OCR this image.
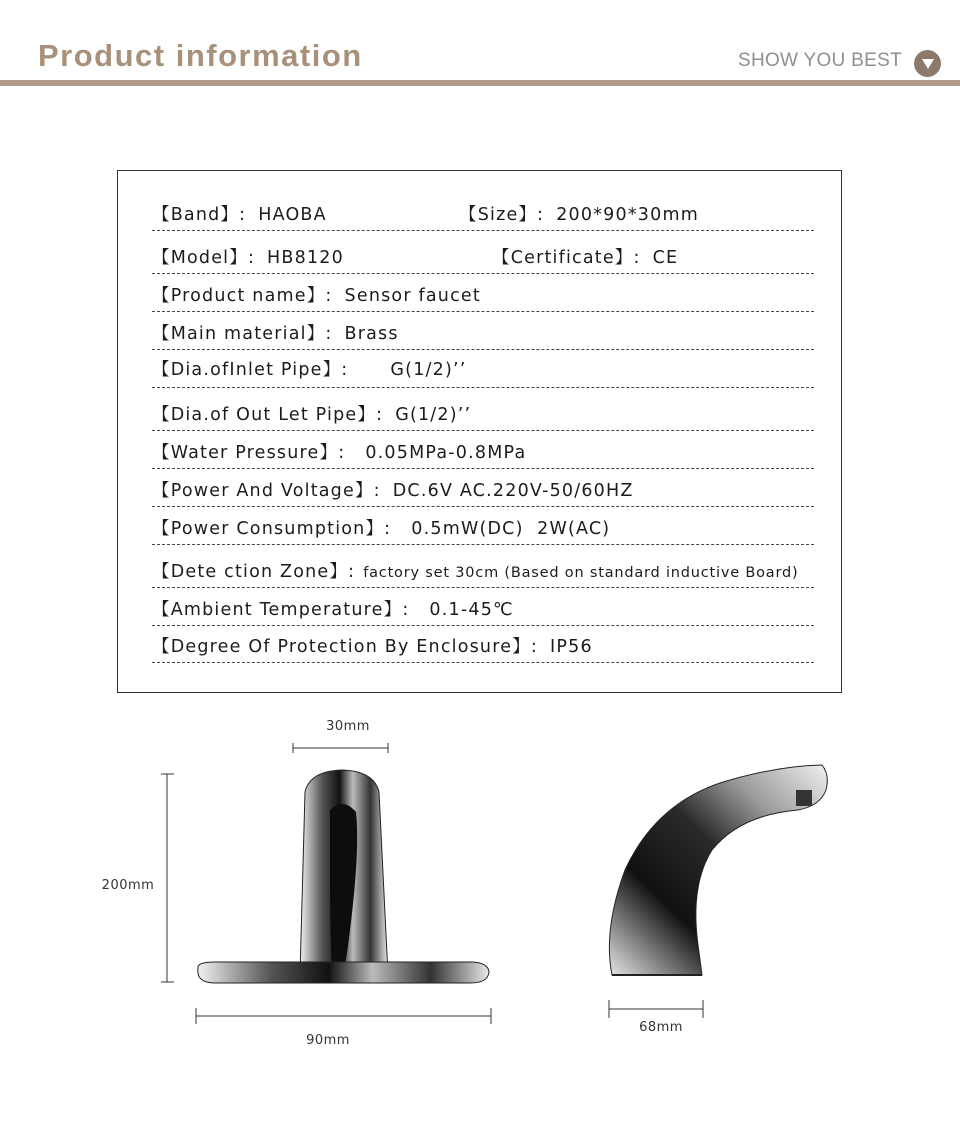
Product information	SHOW YOU BEST
【Band】: HAOBA	【Size】: 200*90*30mm
【Model】: HB8120	【Certificate】: CE
【Product name】: Sensor faucet
【Main material】: Brass
【Dia.ofInlet Pipe】: G(1/2)’’
【Dia.of Out Let Pipe】: G(1/2)’’
【Water Pressure】: 0.05MPa-0.8MPa
【Power And Voltage】: DC.6V AC.220V-50/60HZ
【Power Consumption】: 0.5mW(DC)  2W(AC)
【Dete ction Zone】: factory set 30cm (Based on standard inductive Board)
【Ambient Temperature】: 0.1-45℃
【Degree Of Protection By Enclosure】: IP56
30mm
200mm
90mm
68mm
